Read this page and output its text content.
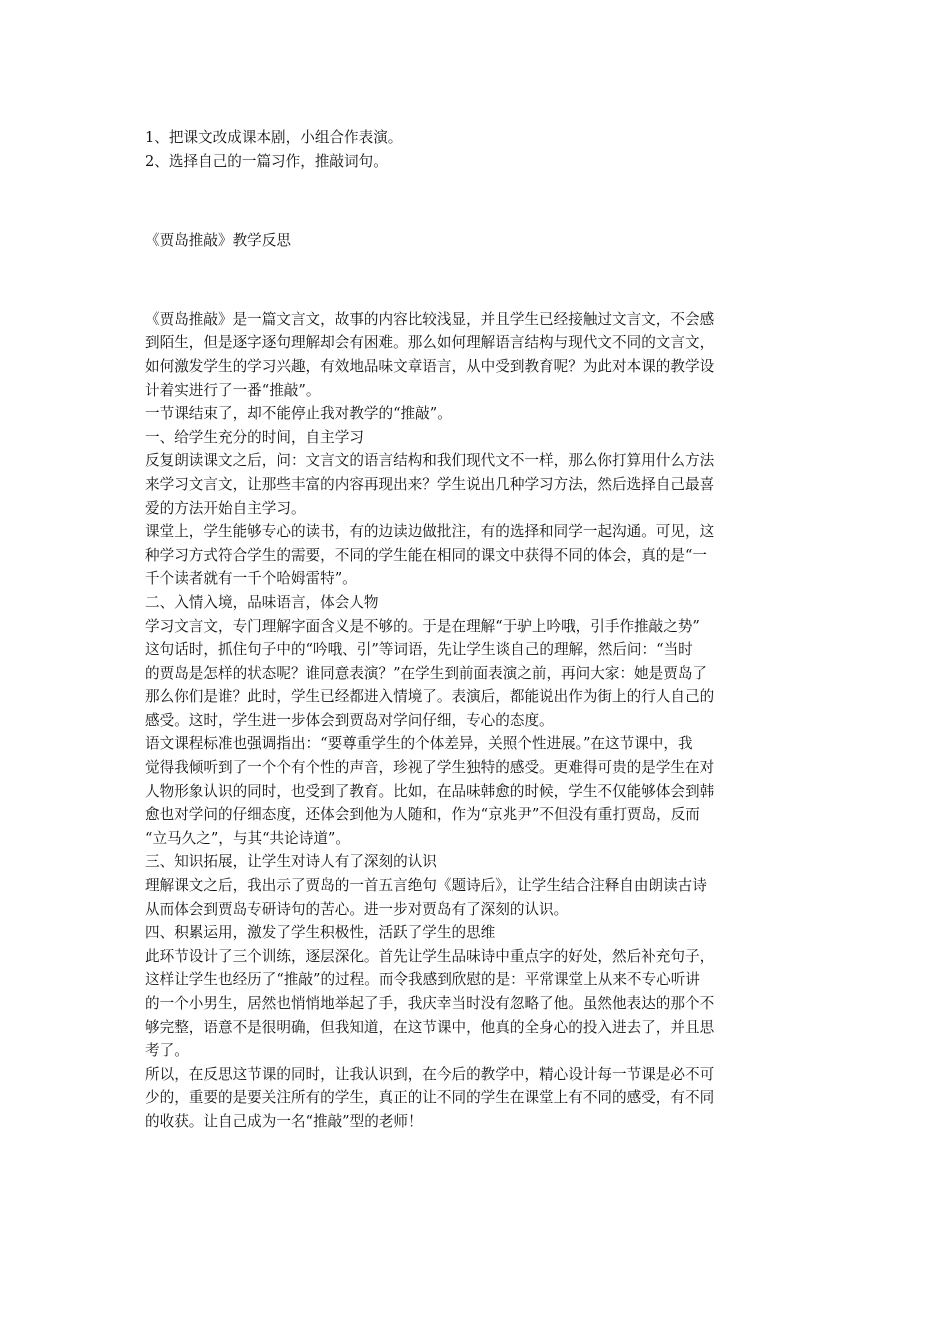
1、把课文改成课本剧，小组合作表演。

2、选择自己的一篇习作，推敲词句。

《贾岛推敲》教学反思

《贾岛推敲》是一篇文言文，故事的内容比较浅显，并且学生已经接触过文言文，不会感

到陌生，但是逐字逐句理解却会有困难。那么如何理解语言结构与现代文不同的文言文，

如何激发学生的学习兴趣，有效地品味文章语言，从中受到教育呢？为此对本课的教学设

计着实进行了一番“推敲”。

一节课结束了，却不能停止我对教学的“推敲”。

一、给学生充分的时间，自主学习

反复朗读课文之后，问：文言文的语言结构和我们现代文不一样，那么你打算用什么方法

来学习文言文，让那些丰富的内容再现出来？学生说出几种学习方法，然后选择自己最喜

爱的方法开始自主学习。

课堂上，学生能够专心的读书，有的边读边做批注，有的选择和同学一起沟通。可见，这

种学习方式符合学生的需要，不同的学生能在相同的课文中获得不同的体会，真的是“一

千个读者就有一千个哈姆雷特”。

二、入情入境，品味语言，体会人物

学习文言文，专门理解字面含义是不够的。于是在理解“于驴上吟哦，引手作推敲之势”

这句话时，抓住句子中的“吟哦、引”等词语，先让学生谈自己的理解，然后问：“当时

的贾岛是怎样的状态呢？谁同意表演？”在学生到前面表演之前，再问大家：她是贾岛了

那么你们是谁？此时，学生已经都进入情境了。表演后，都能说出作为街上的行人自己的

感受。这时，学生进一步体会到贾岛对学问仔细，专心的态度。

语文课程标准也强调指出：“要尊重学生的个体差异，关照个性进展。”在这节课中，我

觉得我倾听到了一个个有个性的声音，珍视了学生独特的感受。更难得可贵的是学生在对

人物形象认识的同时，也受到了教育。比如，在品味韩愈的时候，学生不仅能够体会到韩

愈也对学问的仔细态度，还体会到他为人随和，作为“京兆尹”不但没有重打贾岛，反而

“立马久之”，与其“共论诗道”。

三、知识拓展，让学生对诗人有了深刻的认识

理解课文之后，我出示了贾岛的一首五言绝句《题诗后》，让学生结合注释自由朗读古诗

从而体会到贾岛专研诗句的苦心。进一步对贾岛有了深刻的认识。

四、积累运用，激发了学生积极性，活跃了学生的思维

此环节设计了三个训练，逐层深化。首先让学生品味诗中重点字的好处，然后补充句子，

这样让学生也经历了“推敲”的过程。而令我感到欣慰的是：平常课堂上从来不专心听讲

的一个小男生，居然也悄悄地举起了手，我庆幸当时没有忽略了他。虽然他表达的那个不

够完整，语意不是很明确，但我知道，在这节课中，他真的全身心的投入进去了，并且思

考了。

所以，在反思这节课的同时，让我认识到，在今后的教学中，精心设计每一节课是必不可

少的，重要的是要关注所有的学生，真正的让不同的学生在课堂上有不同的感受，有不同

的收获。让自己成为一名“推敲”型的老师！
